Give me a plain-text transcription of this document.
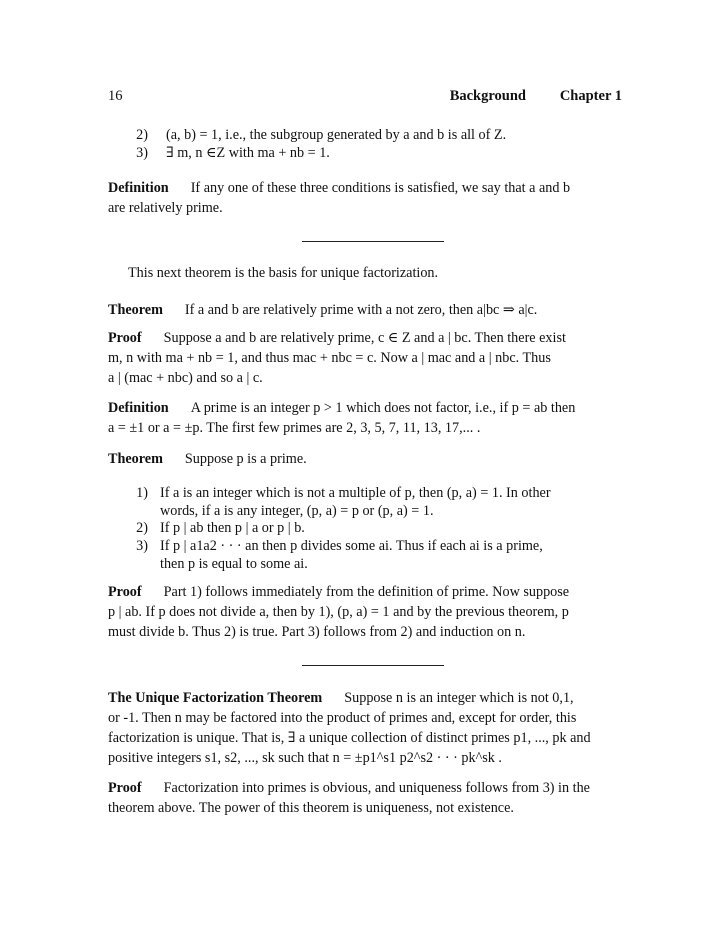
16	Background Chapter 1
2) (a, b) = 1, i.e., the subgroup generated by a and b is all of Z.
3) ∃ m, n ∈Z with ma + nb = 1.
Definition If any one of these three conditions is satisfied, we say that a and b
are relatively prime.
This next theorem is the basis for unique factorization.
Theorem If a and b are relatively prime with a not zero, then a|bc ⇒ a|c.
Proof Suppose a and b are relatively prime, c ∈ Z and a | bc. Then there exist
m, n with ma + nb = 1, and thus mac + nbc = c. Now a | mac and a | nbc. Thus
a | (mac + nbc) and so a | c.
Definition A prime is an integer p > 1 which does not factor, i.e., if p = ab then
a = ±1 or a = ±p. The first few primes are 2, 3, 5, 7, 11, 13, 17,... .
Theorem Suppose p is a prime.
1) If a is an integer which is not a multiple of p, then (p, a) = 1. In other
words, if a is any integer, (p, a) = p or (p, a) = 1.
2) If p | ab then p | a or p | b.
3) If p | a1a2 · · · an then p divides some ai. Thus if each ai is a prime,
then p is equal to some ai.
Proof Part 1) follows immediately from the definition of prime. Now suppose
p | ab. If p does not divide a, then by 1), (p, a) = 1 and by the previous theorem, p
must divide b. Thus 2) is true. Part 3) follows from 2) and induction on n.
The Unique Factorization Theorem Suppose n is an integer which is not 0,1,
or -1. Then n may be factored into the product of primes and, except for order, this
factorization is unique. That is, ∃ a unique collection of distinct primes p1, ..., pk and
positive integers s1, s2, ..., sk such that n = ±p1^s1 p2^s2 · · · pk^sk .
Proof Factorization into primes is obvious, and uniqueness follows from 3) in the
theorem above. The power of this theorem is uniqueness, not existence.
